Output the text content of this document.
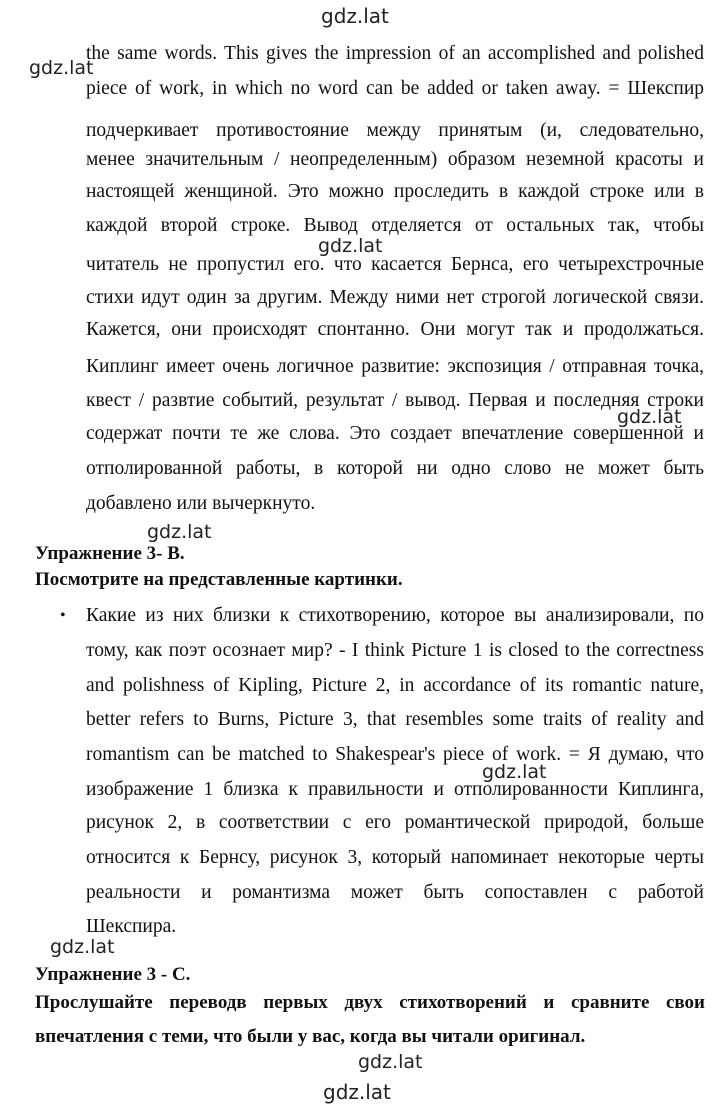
gdz.lat
gdz.lat
gdz.lat
gdz.lat
gdz.lat
gdz.lat
gdz.lat
gdz.lat
gdz.lat
the same words. This gives the impression of an accomplished and polished
piece of work, in which no word can be added or taken away. = Шекспир
подчеркивает противостояние между принятым (и, следовательно,
менее значительным / неопределенным) образом неземной красоты и
настоящей женщиной. Это можно проследить в каждой строке или в
каждой второй строке. Вывод отделяется от остальных так, чтобы
читатель не пропустил его. что касается Бернса, его четырехстрочные
стихи идут один за другим. Между ними нет строгой логической связи.
Кажется, они происходят спонтанно. Они могут так и продолжаться.
Киплинг имеет очень логичное развитие: экспозиция / отправная точка,
квест / развтие событий, результат / вывод. Первая и последняя строки
содержат почти те же слова. Это создает впечатление совершенной и
отполированной работы, в которой ни одно слово не может быть
добавлено или вычеркнуто.
Упражнение 3- B.
Посмотрите на представленные картинки.
• Какие из них близки к стихотворению, которое вы анализировали, по
тому, как поэт осознает мир? - I think Picture 1 is closed to the correctness
and polishness of Kipling, Picture 2, in accordance of its romantic nature,
better refers to Burns, Picture 3, that resembles some traits of reality and
romantism can be matched to Shakespear's piece of work. = Я думаю, что
изображение 1 близка к правильности и отполированности Киплинга,
рисунок 2, в соответствии с его романтической природой, больше
относится к Бернсу, рисунок 3, который напоминает некоторые черты
реальности и романтизма может быть сопоставлен с работой
Шекспира.
Упражнение 3 - C.
Прослушайте переводв первых двух стихотворений и сравните свои
впечатления с теми, что были у вас, когда вы читали оригинал.
